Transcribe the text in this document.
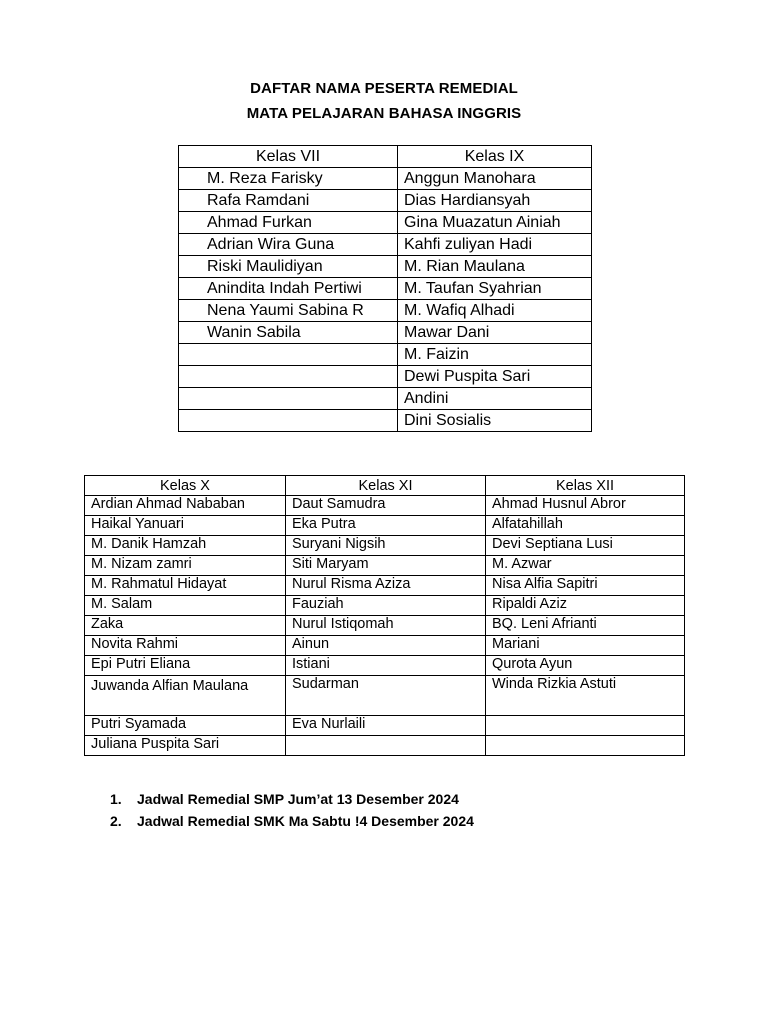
DAFTAR NAMA PESERTA REMEDIAL
MATA PELAJARAN BAHASA INGGRIS
Kelas VII	Kelas IX
M. Reza Farisky	Anggun Manohara
Rafa Ramdani	Dias Hardiansyah
Ahmad Furkan	Gina Muazatun Ainiah
Adrian Wira Guna	Kahfi zuliyan Hadi
Riski Maulidiyan	M. Rian Maulana
Anindita Indah Pertiwi	M. Taufan Syahrian
Nena Yaumi Sabina R	M. Wafiq Alhadi
Wanin Sabila	Mawar Dani
	M. Faizin
	Dewi Puspita Sari
	Andini
	Dini Sosialis
Kelas X	Kelas XI	Kelas XII
Ardian Ahmad Nababan	Daut Samudra	Ahmad Husnul Abror
Haikal Yanuari	Eka Putra	Alfatahillah
M. Danik Hamzah	Suryani Nigsih	Devi Septiana Lusi
M. Nizam zamri	Siti Maryam	M. Azwar
M. Rahmatul Hidayat	Nurul Risma Aziza	Nisa Alfia Sapitri
M. Salam	Fauziah	Ripaldi Aziz
Zaka	Nurul Istiqomah	BQ. Leni Afrianti
Novita Rahmi	Ainun	Mariani
Epi Putri Eliana	Istiani	Qurota Ayun
Juwanda Alfian Maulana	Sudarman	Winda Rizkia Astuti
Putri Syamada	Eva Nurlaili	
Juliana Puspita Sari		
1.	Jadwal Remedial SMP Jum’at 13 Desember 2024
2.	Jadwal Remedial SMK Ma Sabtu !4 Desember 2024
